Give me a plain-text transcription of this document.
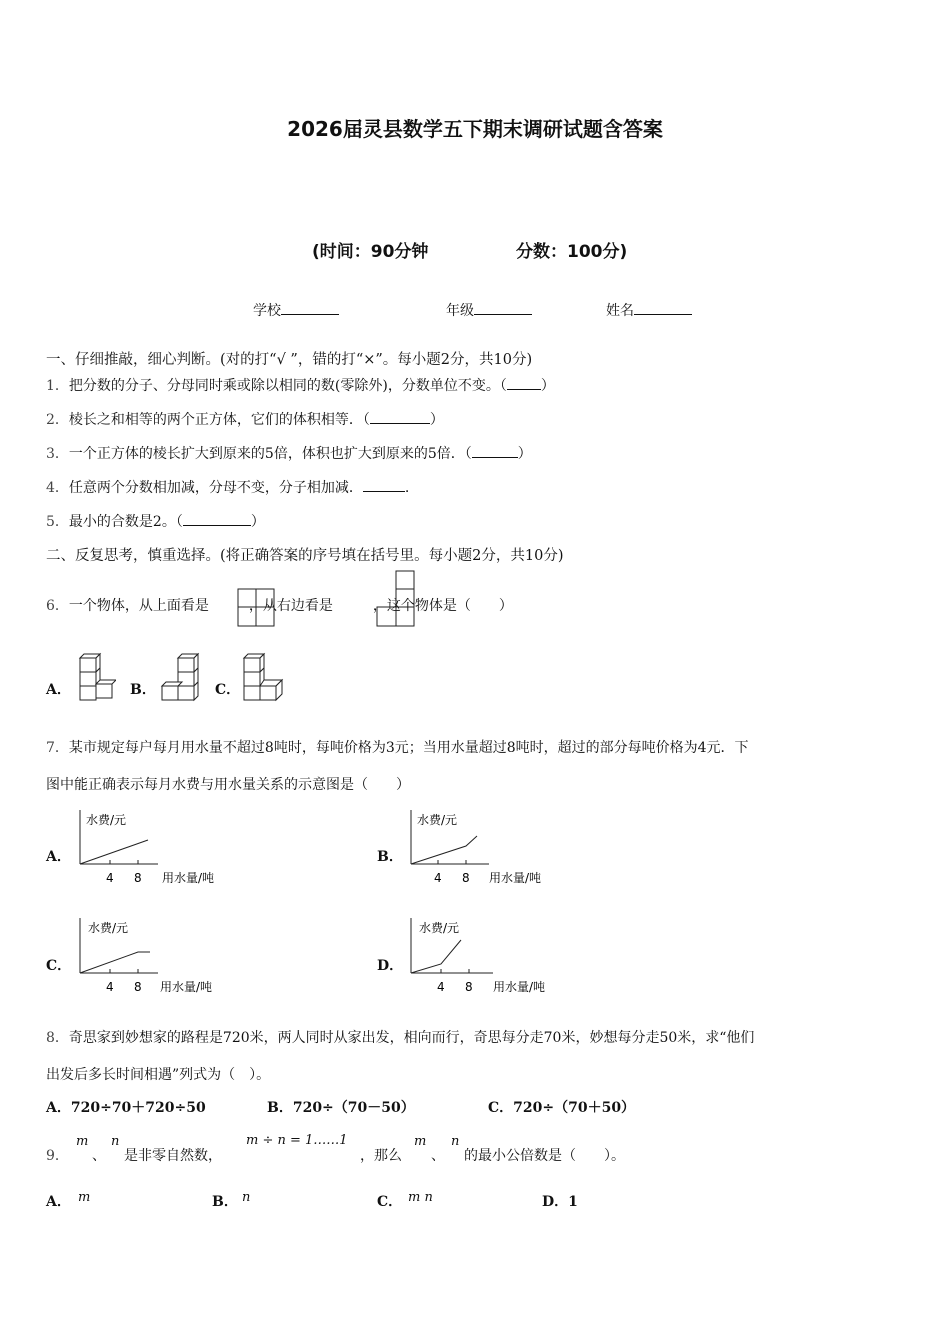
2026届灵县数学五下期末调研试题含答案
(时间：90分钟	分数：100分)
学校	年级	姓名
一、仔细推敲，细心判断。(对的打“√ ”，错的打“×”。每小题2分，共10分)
1．把分数的分子、分母同时乘或除以相同的数(零除外)，分数单位不变。（ ）
2．棱长之和相等的两个正方体，它们的体积相等．（	）
3．一个正方体的棱长扩大到原来的5倍，体积也扩大到原来的5倍．（	）
4．任意两个分数相加减，分母不变，分子相加减．	.
5．最小的合数是2。（	）
二、反复思考，慎重选择。(将正确答案的序号填在括号里。每小题2分，共10分)
6．一个物体，从上面看是	，从右边看是	，这个物体是（　　）
A．	B．	C．
7．某市规定每户每月用水量不超过8吨时，每吨价格为3元；当用水量超过8吨时，超过的部分每吨价格为4元．下
图中能正确表示每月水费与用水量关系的示意图是（　　）
A．
水费/元
4 8 用水量/吨
B．
水费/元
4 8 用水量/吨
C．
水费/元
4 8 用水量/吨
D．
水费/元
4 8 用水量/吨
8．奇思家到妙想家的路程是720米，两人同时从家出发，相向而行，奇思每分走70米，妙想每分走50米，求“他们
出发后多长时间相遇”列式为（　）。
A．720÷70＋720÷50	B．720÷（70－50）	C．720÷（70＋50）
9．
m
、
n
是非零自然数，
m ÷ n = 1……1
，那么
m
、
n
的最小公倍数是（　　）。
A． m	B． n	C． m n	D．1
